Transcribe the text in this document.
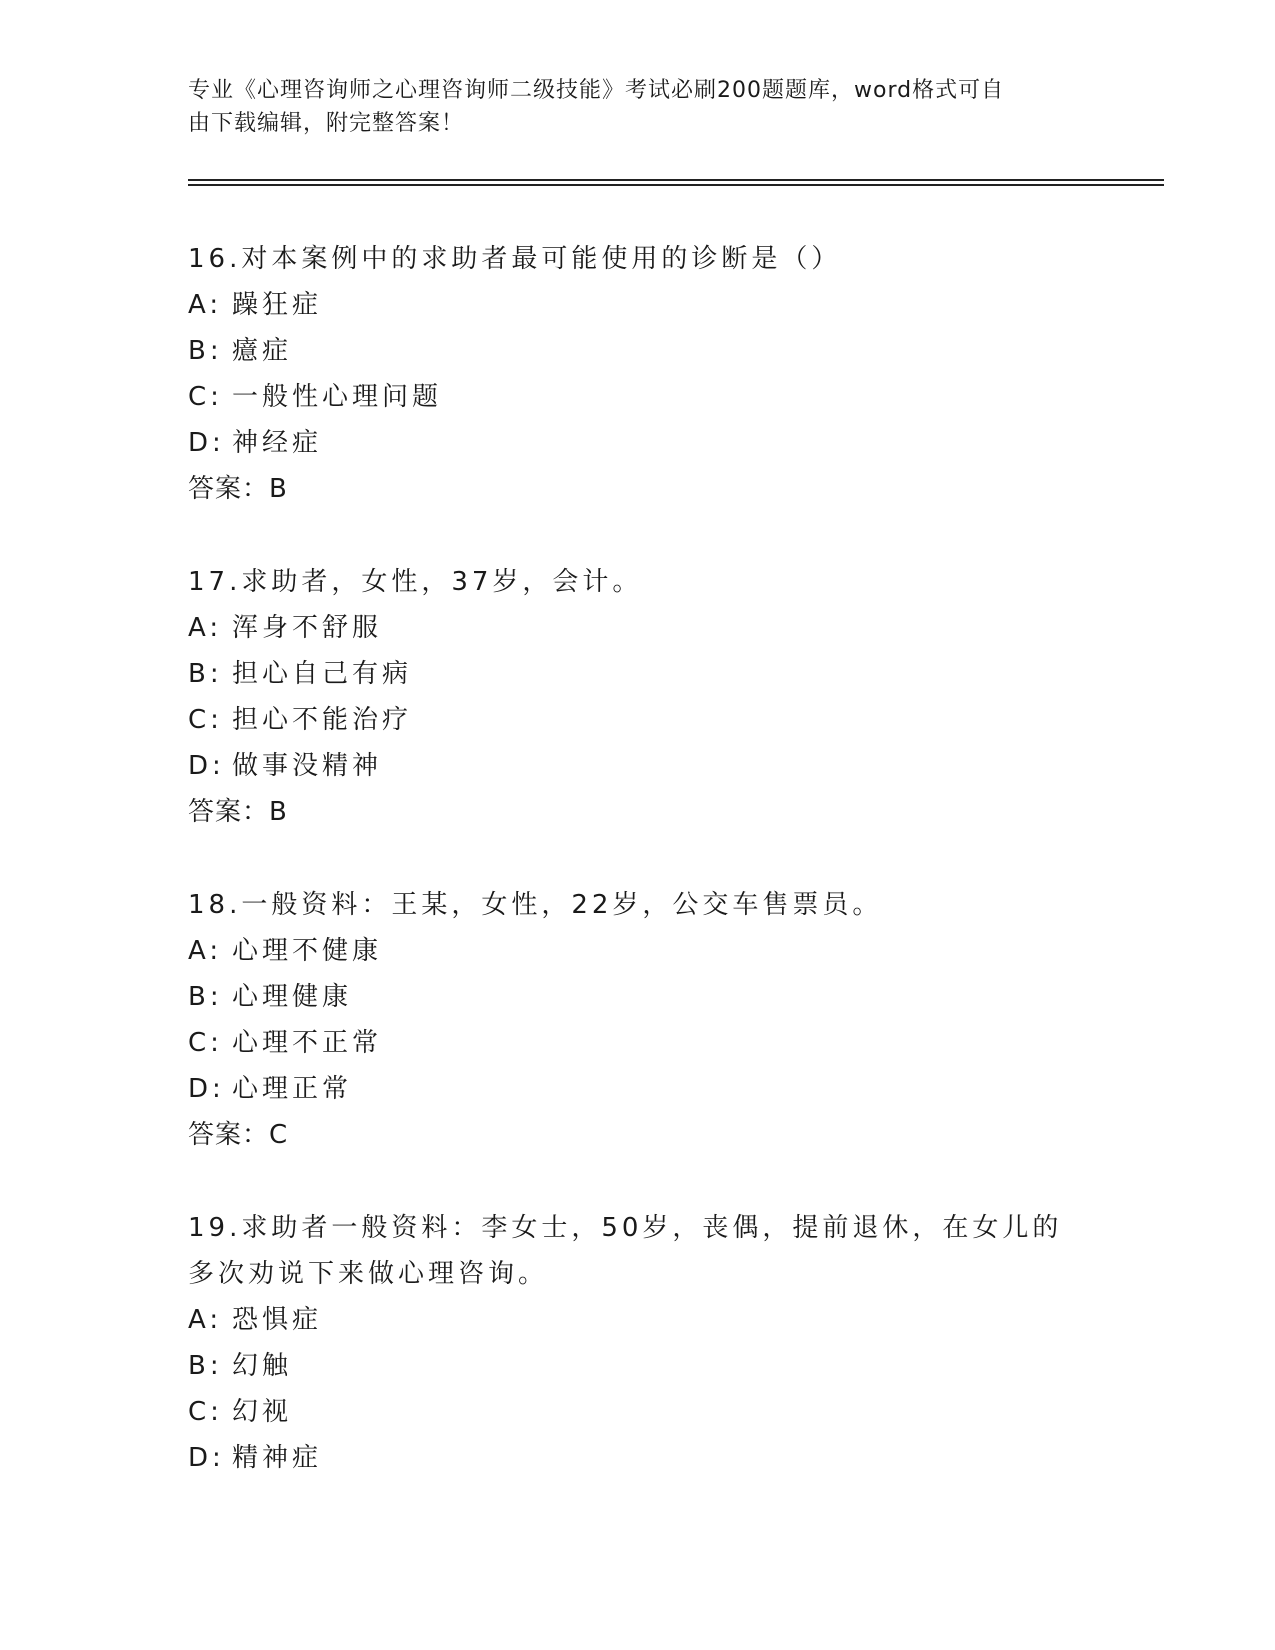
专业《心理咨询师之心理咨询师二级技能》考试必刷200题题库，word格式可自
由下载编辑，附完整答案！
16.对本案例中的求助者最可能使用的诊断是（）
A: 躁狂症
B: 癔症
C: 一般性心理问题
D: 神经症
答案：B
17.求助者，女性，37岁，会计。
A: 浑身不舒服
B: 担心自己有病
C: 担心不能治疗
D: 做事没精神
答案：B
18.一般资料：王某，女性，22岁，公交车售票员。
A: 心理不健康
B: 心理健康
C: 心理不正常
D: 心理正常
答案：C
19.求助者一般资料：李女士，50岁，丧偶，提前退休，在女儿的多次劝说下来做心理咨询。
A: 恐惧症
B: 幻触
C: 幻视
D: 精神症
